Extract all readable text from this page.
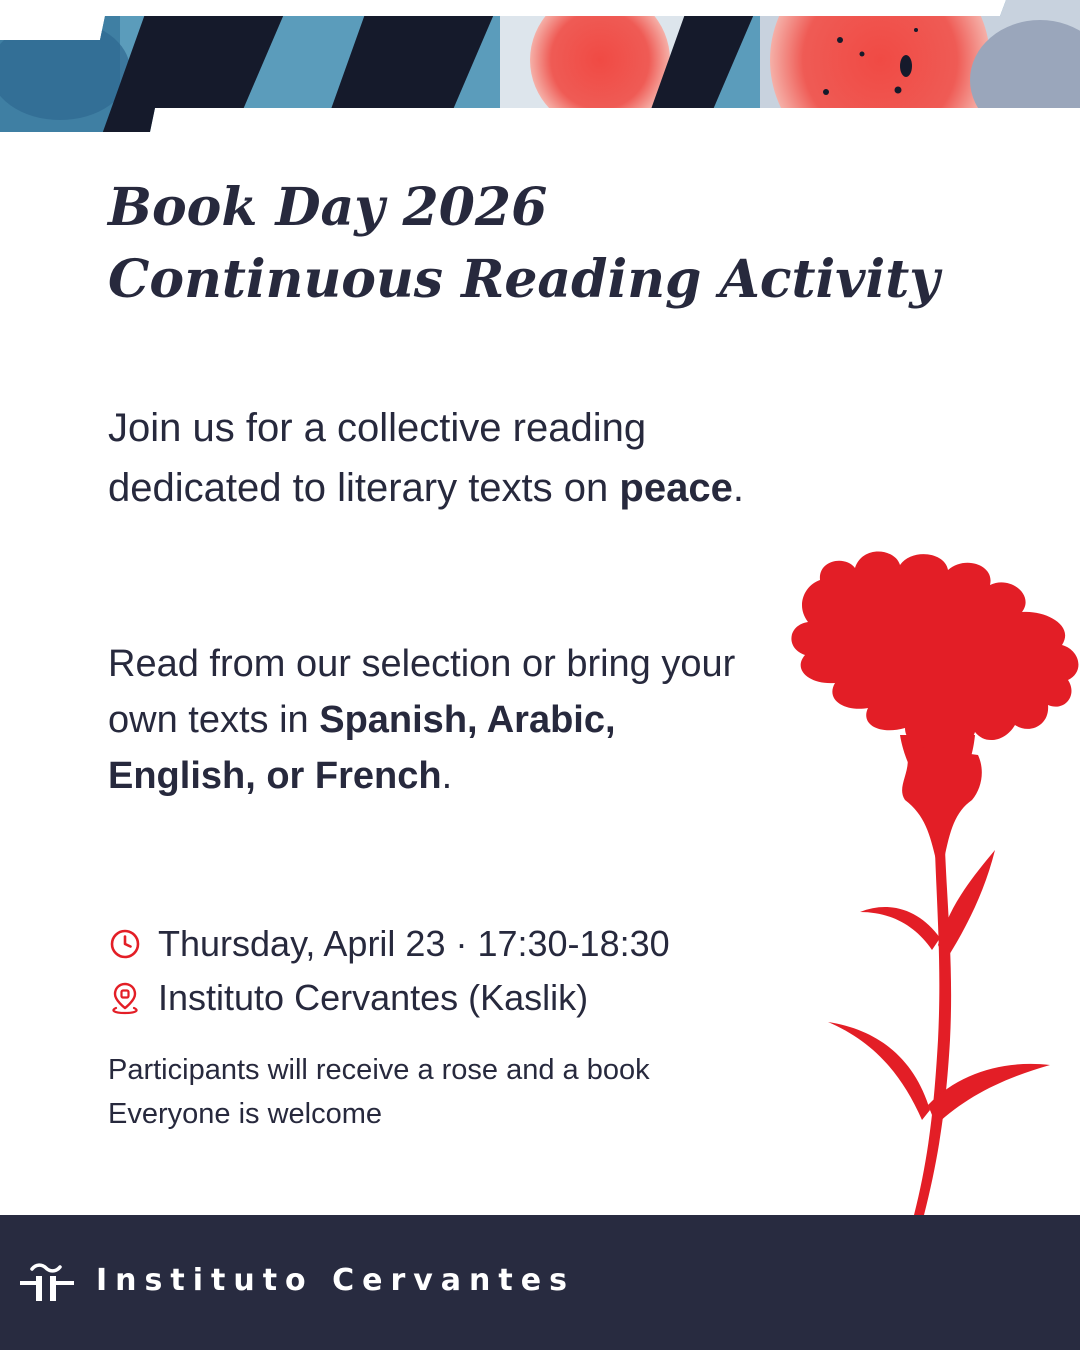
Book Day 2026
Continuous Reading Activity

Join us for a collective reading dedicated to literary texts on peace.

Read from our selection or bring your own texts in Spanish, Arabic, English, or French.

Thursday, April 23 · 17:30-18:30
Instituto Cervantes (Kaslik)

Participants will receive a rose and a book
Everyone is welcome

Instituto Cervantes
